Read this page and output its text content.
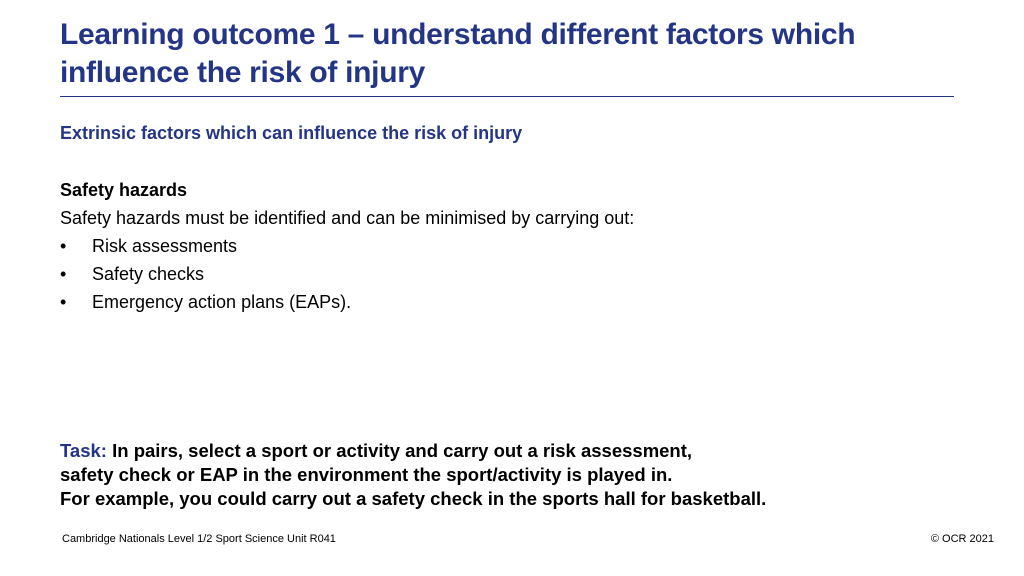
Learning outcome 1 – understand different factors which influence the risk of injury
Extrinsic factors which can influence the risk of injury
Safety hazards
Safety hazards must be identified and can be minimised by carrying out:
• Risk assessments
• Safety checks
• Emergency action plans (EAPs).

Task: In pairs, select a sport or activity and carry out a risk assessment,
safety check or EAP in the environment the sport/activity is played in.
For example, you could carry out a safety check in the sports hall for basketball.

Cambridge Nationals Level 1/2 Sport Science Unit R041	© OCR 2021
